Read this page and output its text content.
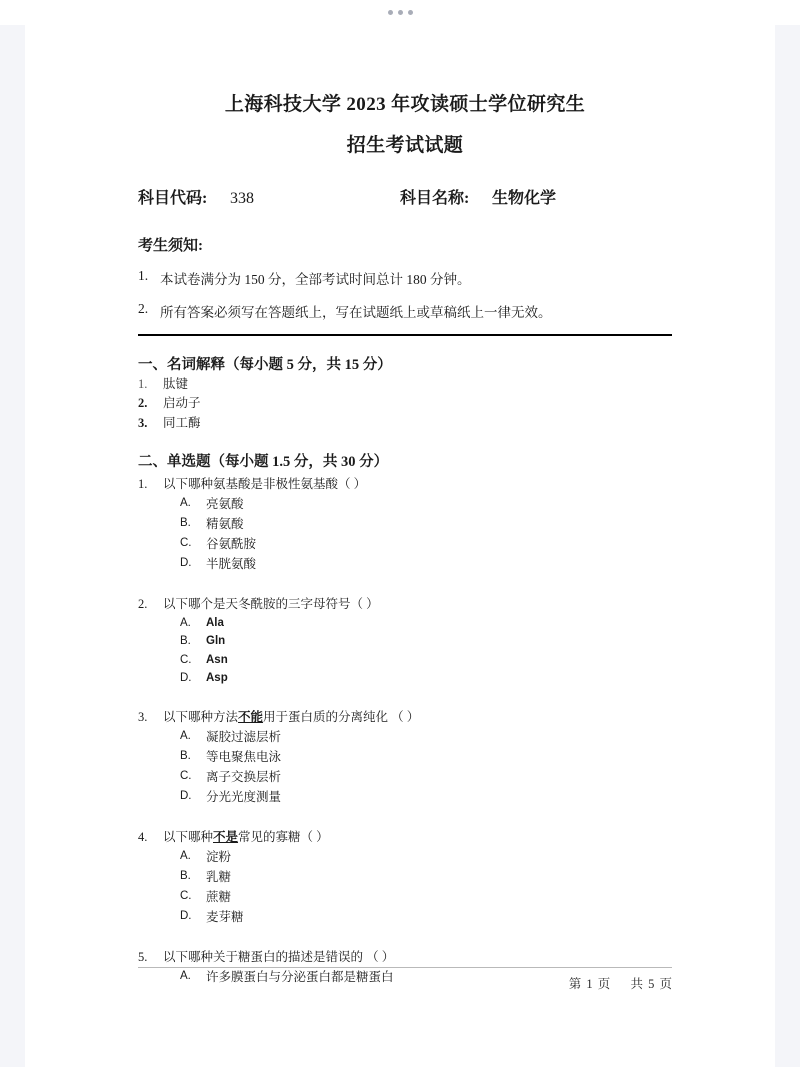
上海科技大学 2023 年攻读硕士学位研究生
招生考试试题
科目代码:	338	科目名称:	生物化学
考生须知:
1. 本试卷满分为 150 分，全部考试时间总计 180 分钟。
2. 所有答案必须写在答题纸上，写在试题纸上或草稿纸上一律无效。
一、名词解释（每小题 5 分，共 15 分）
1.	肽键
2.	启动子
3.	同工酶
二、单选题（每小题 1.5 分，共 30 分）
1.	以下哪种氨基酸是非极性氨基酸（ ）
A.	亮氨酸
B.	精氨酸
C.	谷氨酰胺
D.	半胱氨酸
2.	以下哪个是天冬酰胺的三字母符号（ ）
A.	Ala
B.	Gln
C.	Asn
D.	Asp
3.	以下哪种方法不能用于蛋白质的分离纯化 （ ）
A.	凝胶过滤层析
B.	等电聚焦电泳
C.	离子交换层析
D.	分光光度测量
4.	以下哪种不是常见的寡糖（ ）
A.	淀粉
B.	乳糖
C.	蔗糖
D.	麦芽糖
5.	以下哪种关于糖蛋白的描述是错误的 （ ）
A.	许多膜蛋白与分泌蛋白都是糖蛋白	第 1 页 共 5 页
